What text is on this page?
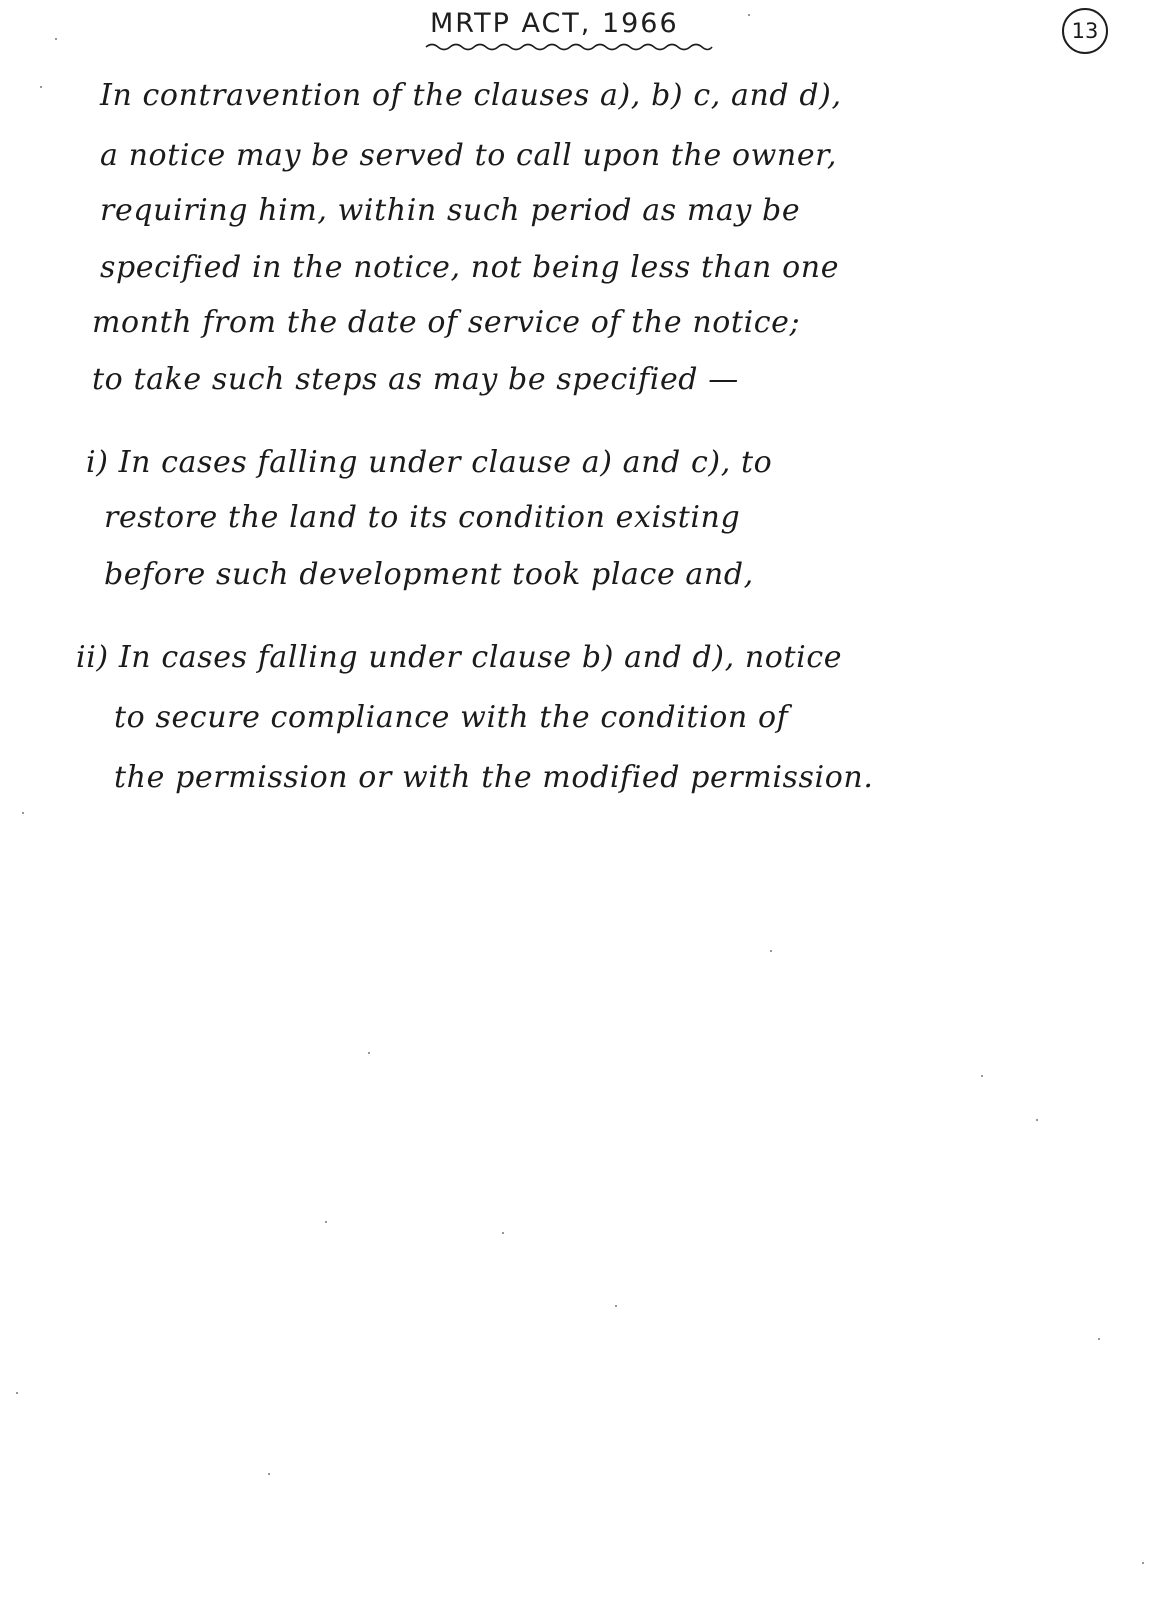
MRTP ACT, 1966	13
In contravention of the clauses a), b) c, and d),
a notice may be served to call upon the owner,
requiring him, within such period as may be
specified in the notice, not being less than one
month from the date of service of the notice;
to take such steps as may be specified —
i) In cases falling under clause a) and c), to
restore the land to its condition existing
before such development took place and,
ii) In cases falling under clause b) and d), notice
to secure compliance with the condition of
the permission or with the modified permission.
